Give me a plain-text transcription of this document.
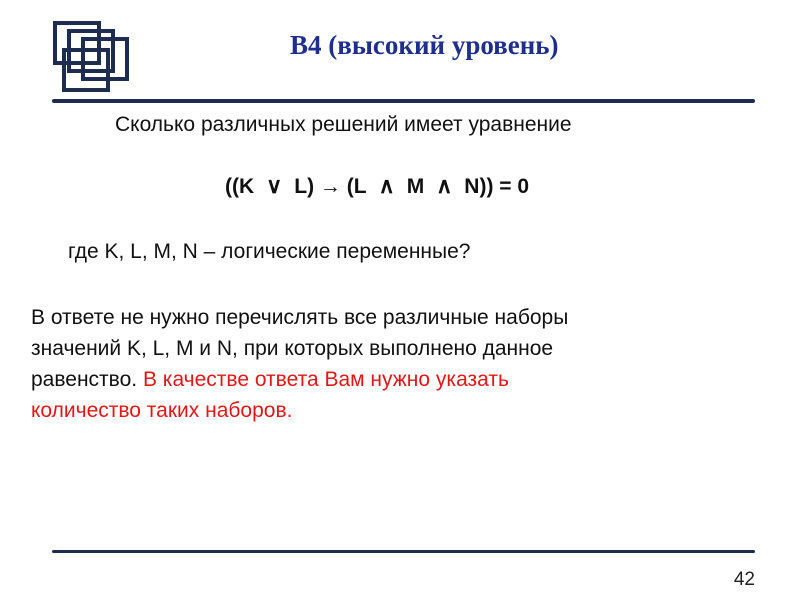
В4 (высокий уровень)
Сколько различных решений имеет уравнение
((K ∨ L) → (L ∧ M ∧ N)) = 0
где K, L, M, N – логические переменные?
В ответе не нужно перечислять все различные наборы
значений K, L, M и N, при которых выполнено данное
равенство. В качестве ответа Вам нужно указать
количество таких наборов.
42
